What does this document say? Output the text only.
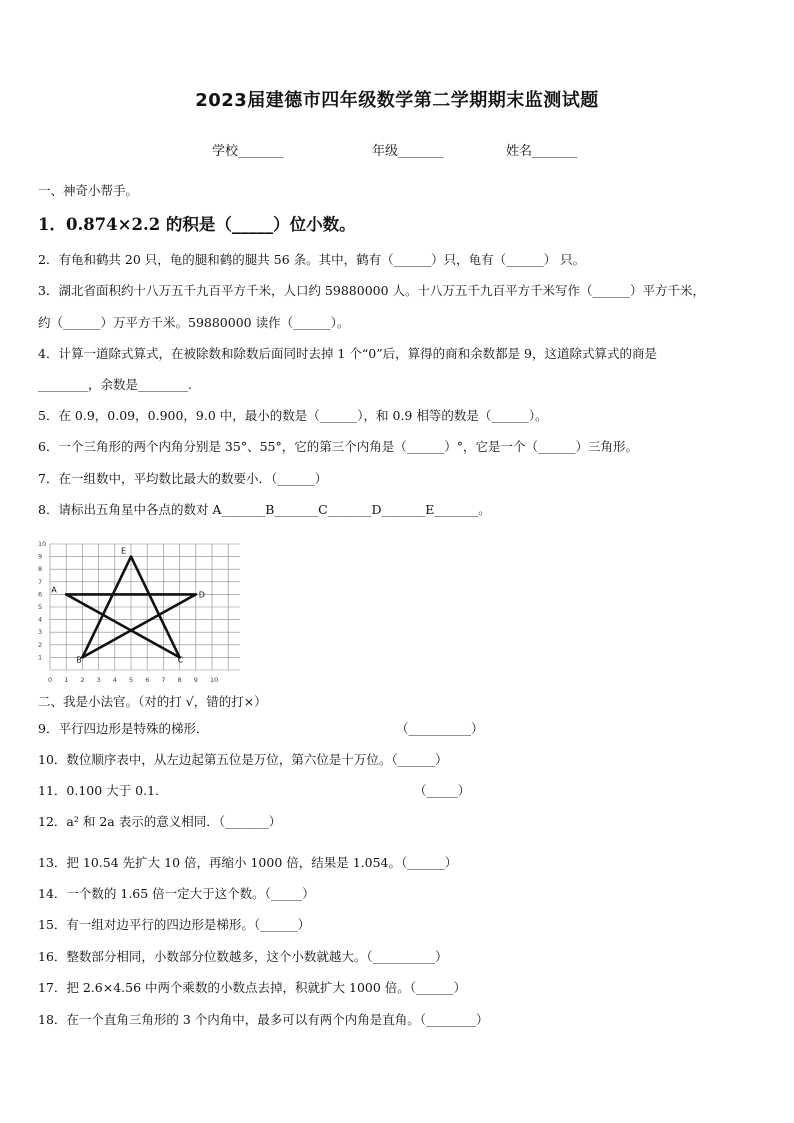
2023届建德市四年级数学第二学期期末监测试题
学校_______	年级_______	姓名_______
一、神奇小帮手。
1．0.874×2.2 的积是（_____）位小数。
2．有龟和鹤共 20 只，龟的腿和鹤的腿共 56 条。其中，鹤有（______）只，龟有（______） 只。
3．湖北省面积约十八万五千九百平方千米，人口约 59880000 人。十八万五千九百平方千米写作（______）平方千米，
约（______）万平方千米。59880000 读作（______）。
4．计算一道除式算式，在被除数和除数后面同时去掉 1 个“0”后，算得的商和余数都是 9，这道除式算式的商是
________，余数是________.
5．在 0.9，0.09，0.900，9.0 中，最小的数是（______），和 0.9 相等的数是（______）。
6．一个三角形的两个内角分别是 35°、55°，它的第三个内角是（______）°，它是一个（______）三角形。
7．在一组数中，平均数比最大的数要小．（______）
8．请标出五角星中各点的数对 A_______B_______C_______D_______E_______。
0 1 2 3 4 5 6 7 8 9 10
1
2
3
4
5
6
7
8
9
10
A
B	C
D
E
二、我是小法官。（对的打 √，错的打×）
9．平行四边形是特殊的梯形．	（__________）
10．数位顺序表中，从左边起第五位是万位，第六位是十万位。（______）
11．0.100 大于 0.1.	（_____）
12．a² 和 2a 表示的意义相同．（_______）
13．把 10.54 先扩大 10 倍，再缩小 1000 倍，结果是 1.054。（______）
14．一个数的 1.65 倍一定大于这个数。（_____）
15．有一组对边平行的四边形是梯形。（______）
16．整数部分相同，小数部分位数越多，这个小数就越大。（__________）
17．把 2.6×4.56 中两个乘数的小数点去掉，积就扩大 1000 倍。（______）
18．在一个直角三角形的 3 个内角中，最多可以有两个内角是直角。（________）
